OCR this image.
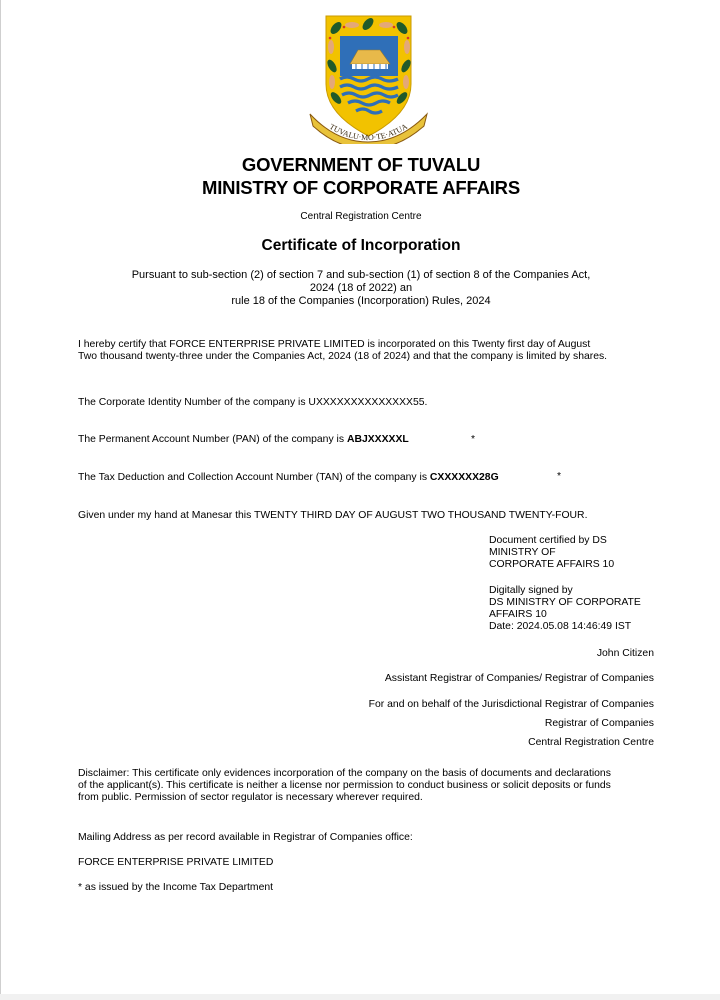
TUVALU·MO·TE·ATUA
GOVERNMENT OF TUVALU
MINISTRY OF CORPORATE AFFAIRS
Central Registration Centre
Certificate of Incorporation
Pursuant to sub-section (2) of section 7 and sub-section (1) of section 8 of the Companies Act,
2024 (18 of 2022) an
rule 18 of the Companies (Incorporation) Rules, 2024
I hereby certify that FORCE ENTERPRISE PRIVATE LIMITED is incorporated on this Twenty first day of August
Two thousand twenty-three under the Companies Act, 2024 (18 of 2024) and that the company is limited by shares.
The Corporate Identity Number of the company is UXXXXXXXXXXXXXX55.
The Permanent Account Number (PAN) of the company is ABJXXXXXL	*
The Tax Deduction and Collection Account Number (TAN) of the company is CXXXXXX28G	*
Given under my hand at Manesar this TWENTY THIRD DAY OF AUGUST TWO THOUSAND TWENTY-FOUR.
Document certified by DS
MINISTRY OF
CORPORATE AFFAIRS 10
Digitally signed by
DS MINISTRY OF CORPORATE
AFFAIRS 10
Date: 2024.05.08 14:46:49 IST
John Citizen
Assistant Registrar of Companies/ Registrar of Companies
For and on behalf of the Jurisdictional Registrar of Companies
Registrar of Companies
Central Registration Centre
Disclaimer: This certificate only evidences incorporation of the company on the basis of documents and declarations
of the applicant(s). This certificate is neither a license nor permission to conduct business or solicit deposits or funds
from public. Permission of sector regulator is necessary wherever required.
Mailing Address as per record available in Registrar of Companies office:
FORCE ENTERPRISE PRIVATE LIMITED
* as issued by the Income Tax Department
